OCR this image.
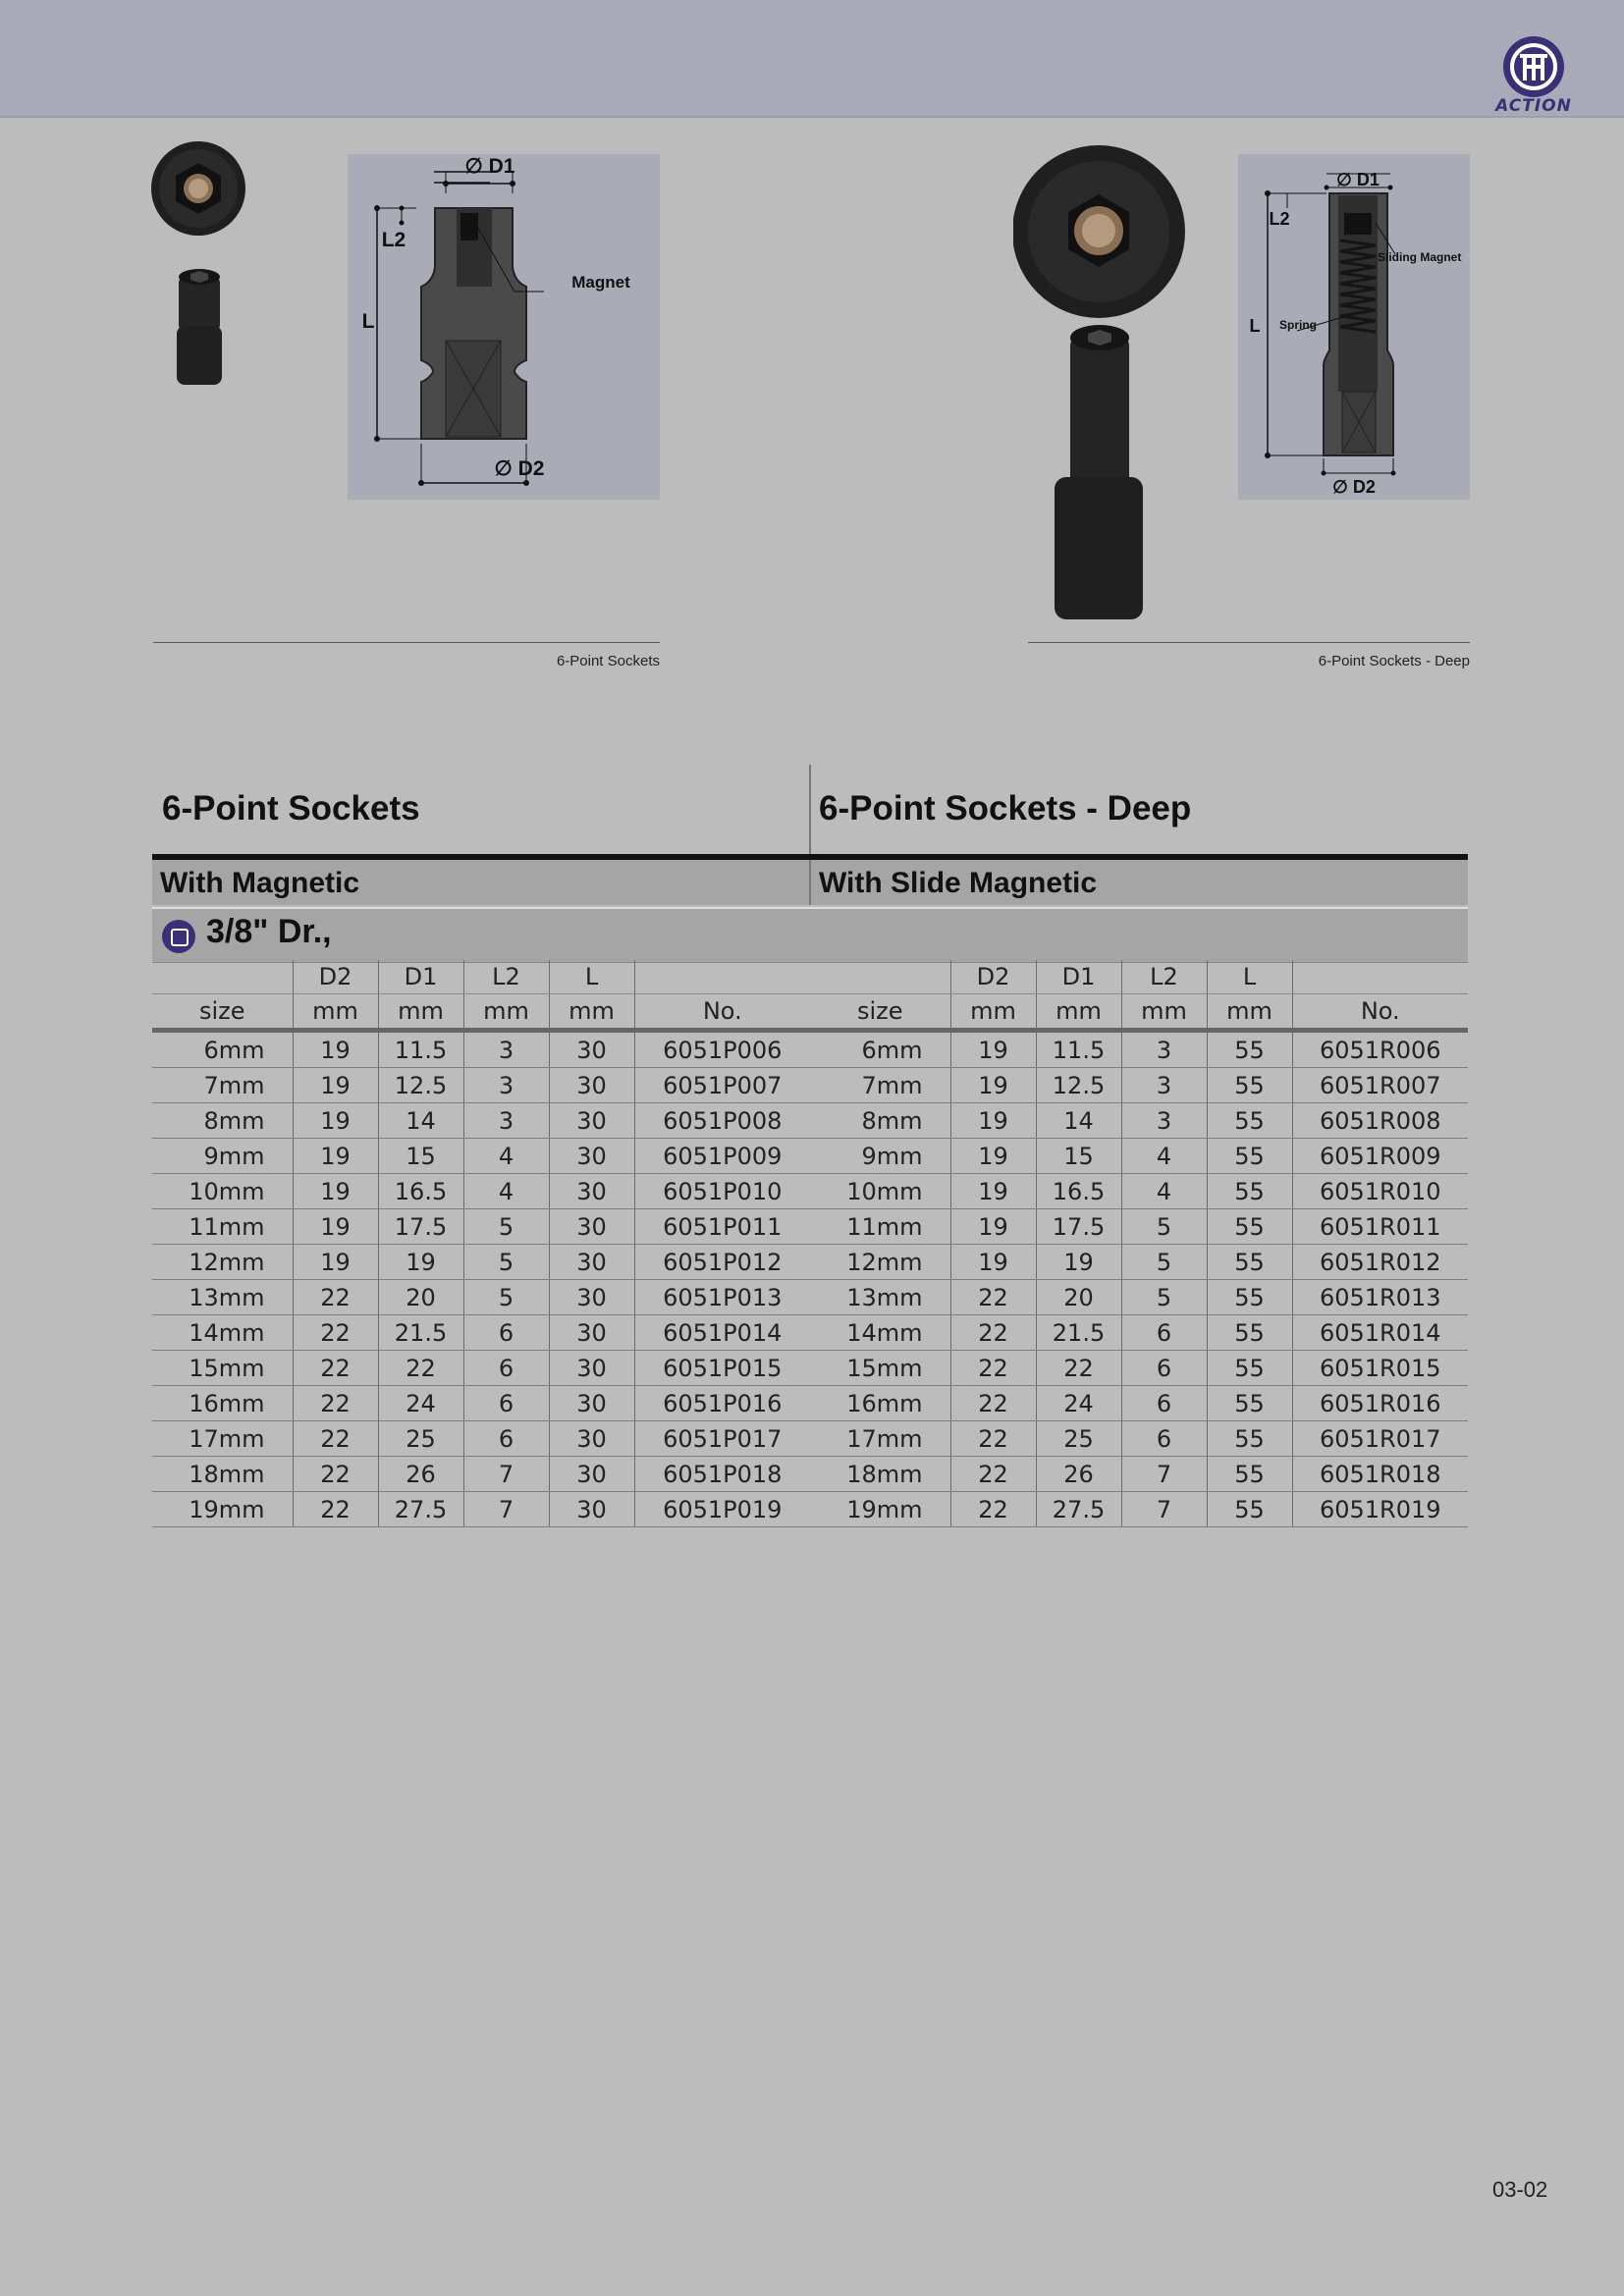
ACTION
∅ D1
L2
L
Magnet
∅ D2
6-Point Sockets
∅ D1
L2
L
Sliding Magnet
Spring
∅ D2
6-Point Sockets - Deep
6-Point Sockets	6-Point Sockets - Deep
With Magnetic	With Slide Magnetic
3/8" Dr.,
	D2	D1	L2	L	
size	mm	mm	mm	mm	No.
6mm	19	11.5	3	30	6051P006
7mm	19	12.5	3	30	6051P007
8mm	19	14	3	30	6051P008
9mm	19	15	4	30	6051P009
10mm	19	16.5	4	30	6051P010
11mm	19	17.5	5	30	6051P011
12mm	19	19	5	30	6051P012
13mm	22	20	5	30	6051P013
14mm	22	21.5	6	30	6051P014
15mm	22	22	6	30	6051P015
16mm	22	24	6	30	6051P016
17mm	22	25	6	30	6051P017
18mm	22	26	7	30	6051P018
19mm	22	27.5	7	30	6051P019
	D2	D1	L2	L	
size	mm	mm	mm	mm	No.
6mm	19	11.5	3	55	6051R006
7mm	19	12.5	3	55	6051R007
8mm	19	14	3	55	6051R008
9mm	19	15	4	55	6051R009
10mm	19	16.5	4	55	6051R010
11mm	19	17.5	5	55	6051R011
12mm	19	19	5	55	6051R012
13mm	22	20	5	55	6051R013
14mm	22	21.5	6	55	6051R014
15mm	22	22	6	55	6051R015
16mm	22	24	6	55	6051R016
17mm	22	25	6	55	6051R017
18mm	22	26	7	55	6051R018
19mm	22	27.5	7	55	6051R019
03-02
